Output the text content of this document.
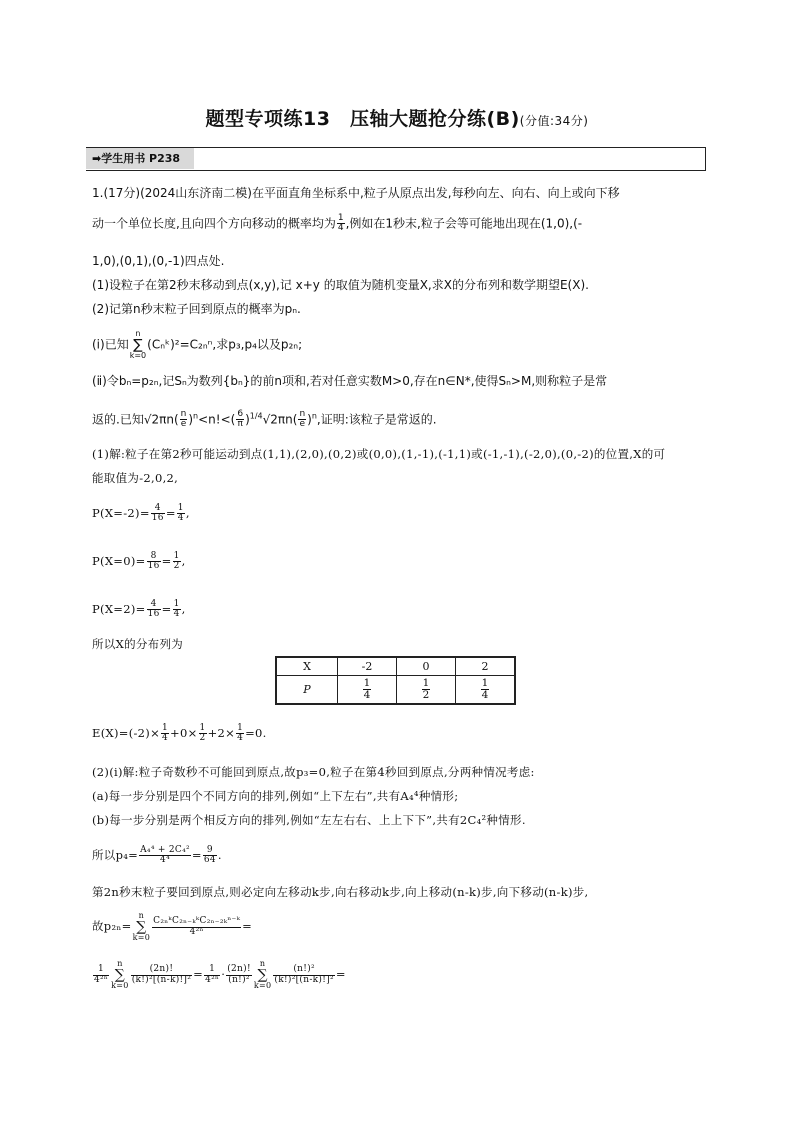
题型专项练13　压轴大题抢分练(B)(分值:34分)
➡学生用书 P238
1.(17分)(2024山东济南二模)在平面直角坐标系中,粒子从原点出发,每秒向左、向右、向上或向下移
动一个单位长度,且向四个方向移动的概率均为 $\frac{1}{4}$ ,例如在1秒末,粒子会等可能地出现在(1,0),(-
1,0),(0,1),(0,-1)四点处.
(1)设粒子在第2秒末移动到点(x,y),记 x+y 的取值为随机变量X,求X的分布列和数学期望E(X).
(2)记第n秒末粒子回到原点的概率为pₙ.
(ⅰ)已知n
∑
k=0(Cₙᵏ)²=C₂ₙⁿ,求p₃,p₄以及p₂ₙ;
(ⅱ)令bₙ=p₂ₙ,记Sₙ为数列{bₙ}的前n项和,若对任意实数M>0,存在n∈N*,使得Sₙ>M,则称粒子是常
返的.已知$√2\pi n( \frac{n}{e} )^n<n!<( \frac{6}{\pi} )^{1/4}√2\pi n( \frac{n}{e} )^n$,证明:该粒子是常返的.
(1)解:粒子在第2秒可能运动到点(1,1),(2,0),(0,2)或(0,0),(1,-1),(-1,1)或(-1,-1),(-2,0),(0,-2)的位置,X的可
能取值为-2,0,2,
$P(X=-2)= \frac{4}{16} = \frac{1}{4}$ ,
$P(X=0)= \frac{8}{16} = \frac{1}{2}$ ,
$P(X=2)= \frac{4}{16} = \frac{1}{4}$ ,
所以X的分布列为
X	-2	0	2
P	$\frac{1}{4}$	$\frac{1}{2}$	$\frac{1}{4}$
$E(X)=(-2)\times \frac{1}{4} +0\times \frac{1}{2} +2\times \frac{1}{4} =0$.
(2)(ⅰ)解:粒子奇数秒不可能回到原点,故p₃=0,粒子在第4秒回到原点,分两种情况考虑:
(a)每一步分别是四个不同方向的排列,例如“上下左右”,共有A₄⁴种情形;
(b)每一步分别是两个相反方向的排列,例如“左左右右、上上下下”,共有2C₄²种情形.
所以$p_4= \frac{\text{A₄⁴ + 2C₄²}}{\text{4⁴}} = \frac{9}{64}$ .
第2n秒末粒子要回到原点,则必定向左移动k步,向右移动k步,向上移动(n-k)步,向下移动(n-k)步,
故p₂ₙ=n
∑
k=0
$\frac{\text{C₂ₙᵏC₂ₙ₋ₖᵏC₂ₙ₋₂ₖⁿ⁻ᵏ}}{\text{4²ⁿ}}$ =
$\frac{1}{\text{4²ⁿ}}$
n
∑
k=0
$\frac{(2n)!}{\text{(k!)²[(n-k)!]²}} = \frac{1}{\text{4²ⁿ}} \cdot \frac{(2n)!}{\text{(n!)²}}$
n
∑
k=0
$\frac{\text{(n!)²}}{\text{(k!)²[(n-k)!]²}}$ =
